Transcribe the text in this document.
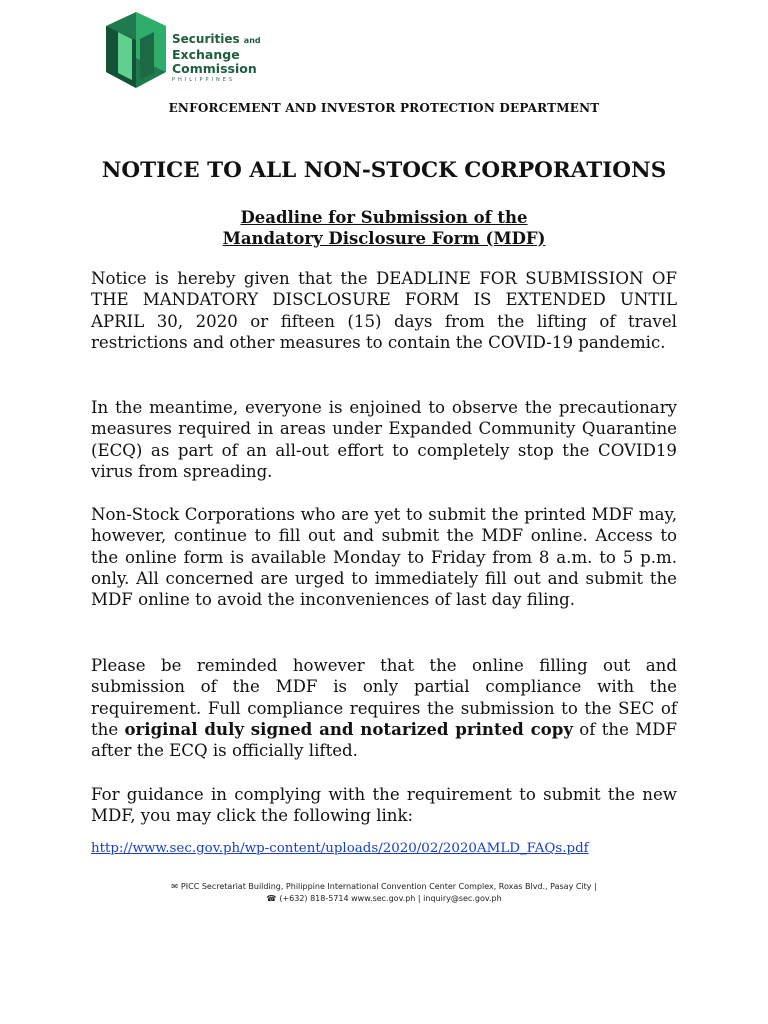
Securities and
Exchange
Commission
PHILIPPINES
ENFORCEMENT AND INVESTOR PROTECTION DEPARTMENT
NOTICE TO ALL NON-STOCK CORPORATIONS
Deadline for Submission of the
Mandatory Disclosure Form (MDF)

Notice is hereby given that the DEADLINE FOR SUBMISSION OF THE MANDATORY DISCLOSURE FORM IS EXTENDED UNTIL APRIL 30, 2020 or fifteen (15) days from the lifting of travel restrictions and other measures to contain the COVID-19 pandemic.

In the meantime, everyone is enjoined to observe the precautionary measures required in areas under Expanded Community Quarantine (ECQ) as part of an all-out effort to completely stop the COVID19 virus from spreading.

Non-Stock Corporations who are yet to submit the printed MDF may, however, continue to fill out and submit the MDF online. Access to the online form is available Monday to Friday from 8 a.m. to 5 p.m. only. All concerned are urged to immediately fill out and submit the MDF online to avoid the inconveniences of last day filing.

Please be reminded however that the online filling out and submission of the MDF is only partial compliance with the requirement. Full compliance requires the submission to the SEC of the original duly signed and notarized printed copy of the MDF after the ECQ is officially lifted.

For guidance in complying with the requirement to submit the new MDF, you may click the following link:

http://www.sec.gov.ph/wp-content/uploads/2020/02/2020AMLD_FAQs.pdf
✉ PICC Secretariat Building, Philippine International Convention Center Complex, Roxas Blvd., Pasay City |
☎ (+632) 818-5714 www.sec.gov.ph | inquiry@sec.gov.ph
